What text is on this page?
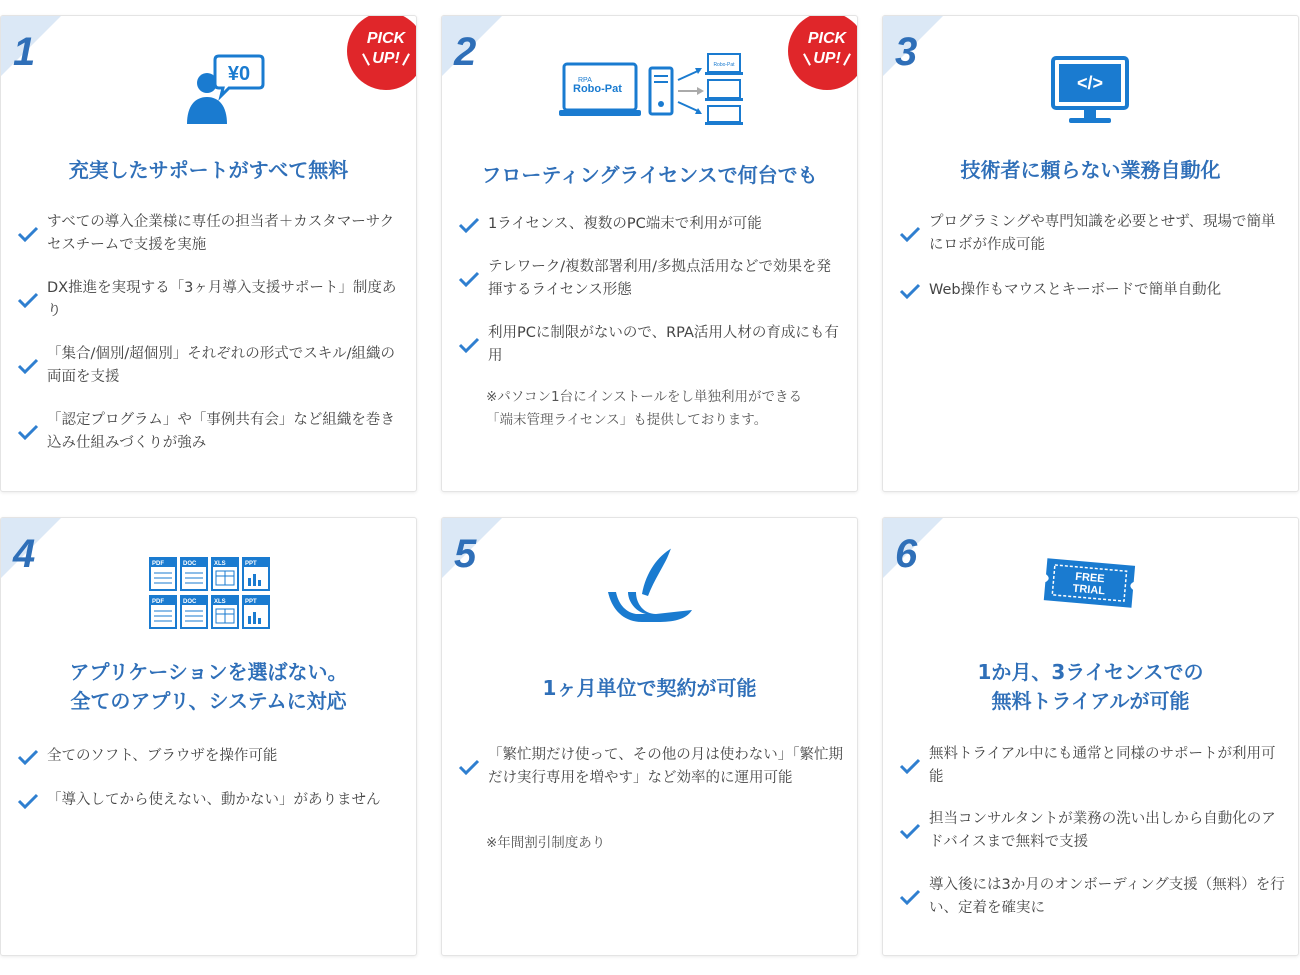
1	PICK
UP!
¥0
充実したサポートがすべて無料
すべての導入企業様に専任の担当者＋カスタマーサクセスチームで支援を実施
DX推進を実現する「3ヶ月導入支援サポート」制度あり
「集合/個別/超個別」それぞれの形式でスキル/組織の両面を支援
「認定プログラム」や「事例共有会」など組織を巻き込み仕組みづくりが強み
2	PICK
UP!
RPA
Robo-Pat
Robo-Pat
フローティングライセンスで何台でも
1ライセンス、複数のPC端末で利用が可能
テレワーク/複数部署利用/多拠点活用などで効果を発揮するライセンス形態
利用PCに制限がないので、RPA活用人材の育成にも有用
※パソコン1台にインストールをし単独利用ができる
「端末管理ライセンス」も提供しております。
3
</>
技術者に頼らない業務自動化
プログラミングや専門知識を必要とせず、現場で簡単にロボが作成可能
Web操作もマウスとキーボードで簡単自動化
4	PDF	DOC	XLS	PPT
PDF	DOC	XLS	PPT
アプリケーションを選ばない。
全てのアプリ、システムに対応
全てのソフト、ブラウザを操作可能
「導入してから使えない、動かない」がありません
5
1ヶ月単位で契約が可能
「繁忙期だけ使って、その他の月は使わない」「繁忙期だけ実行専用を増やす」など効率的に運用可能
※年間割引制度あり
6
FREE
TRIAL
1か月、3ライセンスでの
無料トライアルが可能
無料トライアル中にも通常と同様のサポートが利用可能
担当コンサルタントが業務の洗い出しから自動化のアドバイスまで無料で支援
導入後には3か月のオンボーディング支援（無料）を行い、定着を確実に
